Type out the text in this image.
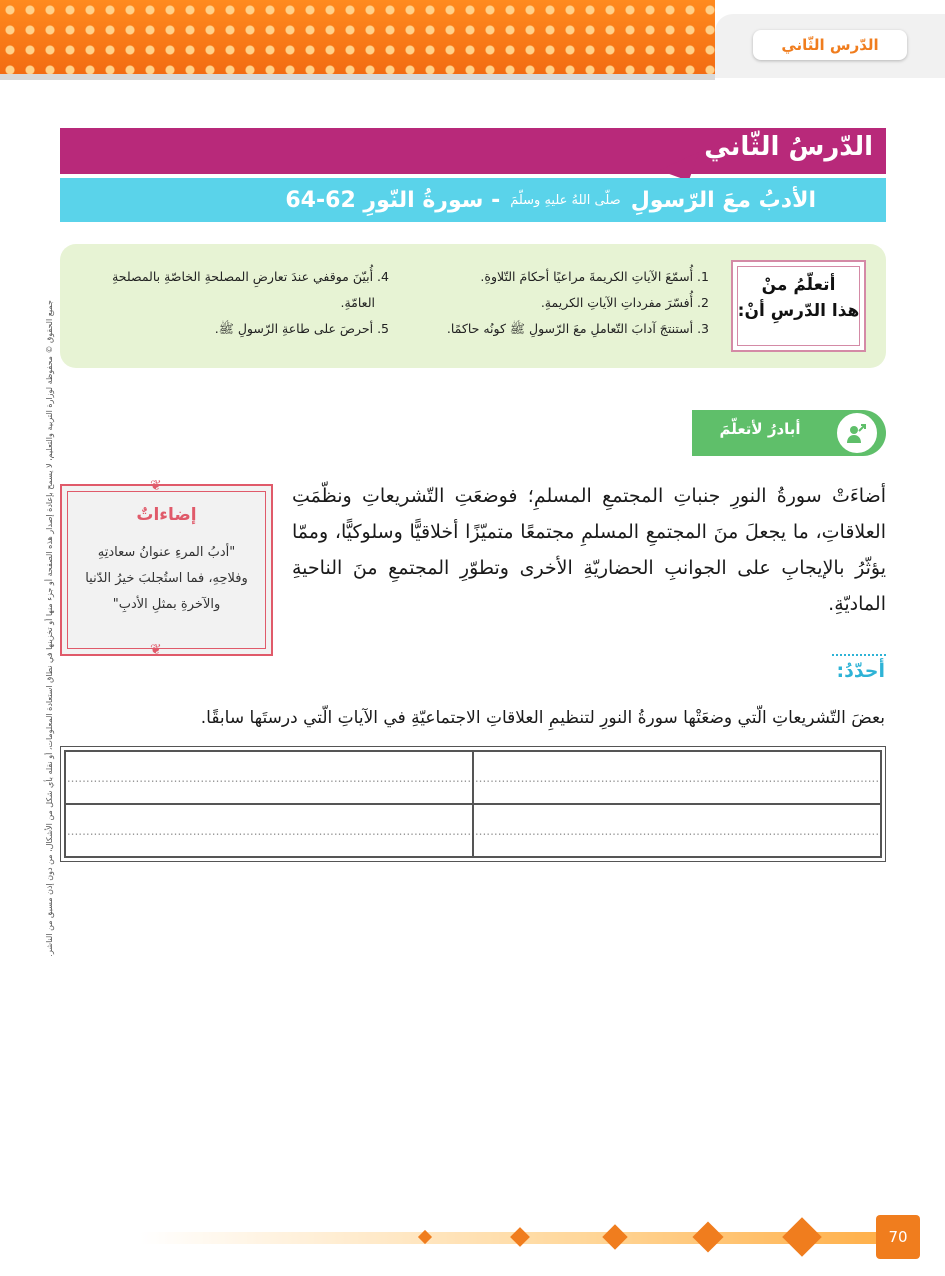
الدّرس الثّاني
الدّرسُ الثّاني
الأدبُ معَ الرّسولِ
صلّى اللهُ عليهِ وسلّمَ
- سورةُ النّورِ 62-64
أتعلّمُ منْ
هذا الدّرسِ أنْ:
1. أُسمّعَ الآياتِ الكريمةَ مراعيًا أحكامَ التّلاوةِ.
2. أُفسّرَ مفرداتِ الآياتِ الكريمةِ.
3. أستنتجَ آدابَ التّعاملِ معَ الرّسولِ ﷺ كونُه حاكمًا.
4. أُبيّنَ موقفي عندَ تعارضِ المصلحةِ الخاصّةِ بالمصلحةِ
العامّةِ.
5. أحرصَ على طاعةِ الرّسولِ ﷺ.
أبادرُ لأتعلّمَ
أضاءَتْ سورةُ النورِ جنباتِ المجتمعِ المسلمِ؛ فوضعَتِ التّشريعاتِ ونظّمَتِ العلاقاتِ، ما يجعلَ منَ المجتمعِ المسلمِ مجتمعًا متميّزًا أخلاقيًّا وسلوكيًّا، وممّا يؤثّرُ بالإيجابِ على الجوانبِ الحضاريّةِ الأخرى وتطوّرِ المجتمعِ منَ الناحيةِ الماديّةِ.
❦
❦
إضاءاتٌ
"أدبُ المرءِ عنوانُ سعادتِهِ وفلاحِهِ، فما استُجلبَ خيرُ الدّنيا والآخرةِ بمثلِ الأدبِ"
أحدّدُ:
بعضَ التّشريعاتِ الّتي وضعَتْها سورةُ النورِ لتنظيمِ العلاقاتِ الاجتماعيّةِ في الآياتِ الّتي درستَها سابقًا.
..........................................................................................................
..........................................................................................................
..........................................................................................................
..........................................................................................................
جميع الحقوق © محفوظة لوزارة التربية والتعليم، لا يسمح بإعادة إصدار هذه الصفحة أو جزء منها أو تخزينها في نطاق استعادة المعلومات، أو نقله بأي شكل من الأشكال، من دون إذن مسبق من الناشر.
70
